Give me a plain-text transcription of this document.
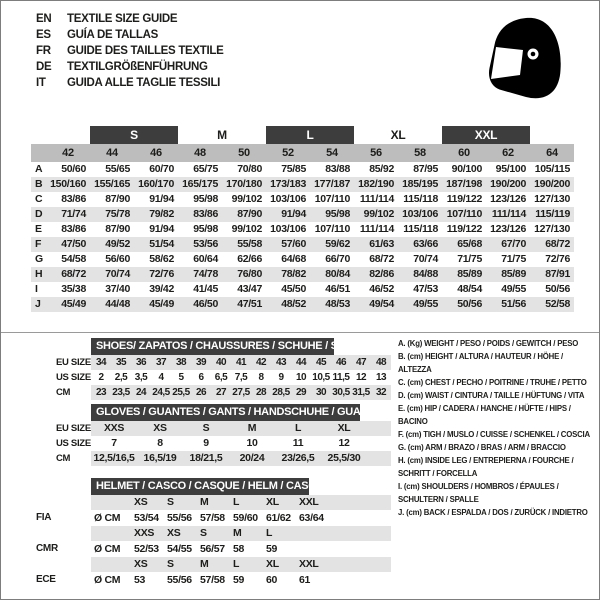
EN	TEXTILE SIZE GUIDE
ES	GUÍA DE TALLAS
FR	GUIDE DES TAILLES TEXTILE
DE	TEXTILGRÖßENFÜHRUNG
IT	GUIDA ALLE TAGLIE TESSILI
S	M	L	XL	XXL
42	44	46	48	50	52	54	56	58	60	62	64
A	50/60	55/65	60/70	65/75	70/80	75/85	83/88	85/92	87/95	90/100	95/100 105/115
B 150/160 155/165 160/170 165/175 170/180 173/183 177/187 182/190 185/195 187/198 190/200 190/200
C	83/86	87/90	91/94	95/98	99/102 103/106 107/110 111/114 115/118 119/122 123/126 127/130
D	71/74	75/78	79/82	83/86	87/90	91/94	95/98	99/102 103/106 107/110 111/114 115/119
E	83/86	87/90	91/94	95/98	99/102 103/106 107/110 111/114 115/118 119/122 123/126 127/130
F	47/50	49/52	51/54	53/56	55/58	57/60	59/62	61/63	63/66	65/68	67/70	68/72
G	54/58	56/60	58/62	60/64	62/66	64/68	66/70	68/72	70/74	71/75	71/75	72/76
H	68/72	70/74	72/76	74/78	76/80	78/82	80/84	82/86	84/88	85/89	85/89	87/91
I	35/38	37/40	39/42	41/45	43/47	45/50	46/51	46/52	47/53	48/54	49/55	50/56
J	45/49	44/48	45/49	46/50	47/51	48/52	48/53	49/54	49/55	50/56	51/56	52/58
SHOES/ ZAPATOS / CHAUSSURES / SCHUHE / SCARPE
EU SIZE 34 35 36 37 38 39 40 41 42 43 44 45 46 47 48
US SIZE 2	2,5 3,5	4	5	6	6,5 7,5	8	9	10 10,5 11,5 12 13
CM	23 23,5 24 24,5 25,5 26 27 27,5 28 28,5 29 30 30,5 31,5 32
GLOVES / GUANTES / GANTS / HANDSCHUHE / GUANTI
EU SIZE	XXS	XS	S	M	L	XL
US SIZE	7	8	9	10	11	12
CM	12,5/16,5 16,5/19	18/21,5	20/24	23/26,5	25,5/30
HELMET / CASCO / CASQUE / HELM / CASCO
XS	S	M	L	XL	XXL
FIA	Ø CM	53/54 55/56 57/58 59/60 61/62 63/64
XXS	XS	S	M	L
CMR	Ø CM	52/53 54/55 56/57 58	59
XS	S	M	L	XL	XXL
ECE	Ø CM	53	55/56 57/58 59	60	61
A. (Kg) WEIGHT / PESO / POIDS / GEWITCH / PESO
B. (cm) HEIGHT / ALTURA / HAUTEUR / HÖHE / ALTEZZA
C. (cm) CHEST / PECHO / POITRINE / TRUHE / PETTO
D. (cm) WAIST / CINTURA / TAILLE / HÜFTUNG / VITA
E. (cm) HIP / CADERA / HANCHE / HÜFTE / HIPS / BACINO
F. (cm) TIGH / MUSLO / CUISSE / SCHENKEL / COSCIA
G. (cm) ARM / BRAZO / BRAS / ARM / BRACCIO
H. (cm) INSIDE LEG / ENTREPIERNA / FOURCHE /
SCHRITT / FORCELLA
I. (cm) SHOULDERS / HOMBROS / ÉPAULES /
SCHULTERN / SPALLE
J. (cm) BACK / ESPALDA / DOS / ZURÜCK / INDIETRO
